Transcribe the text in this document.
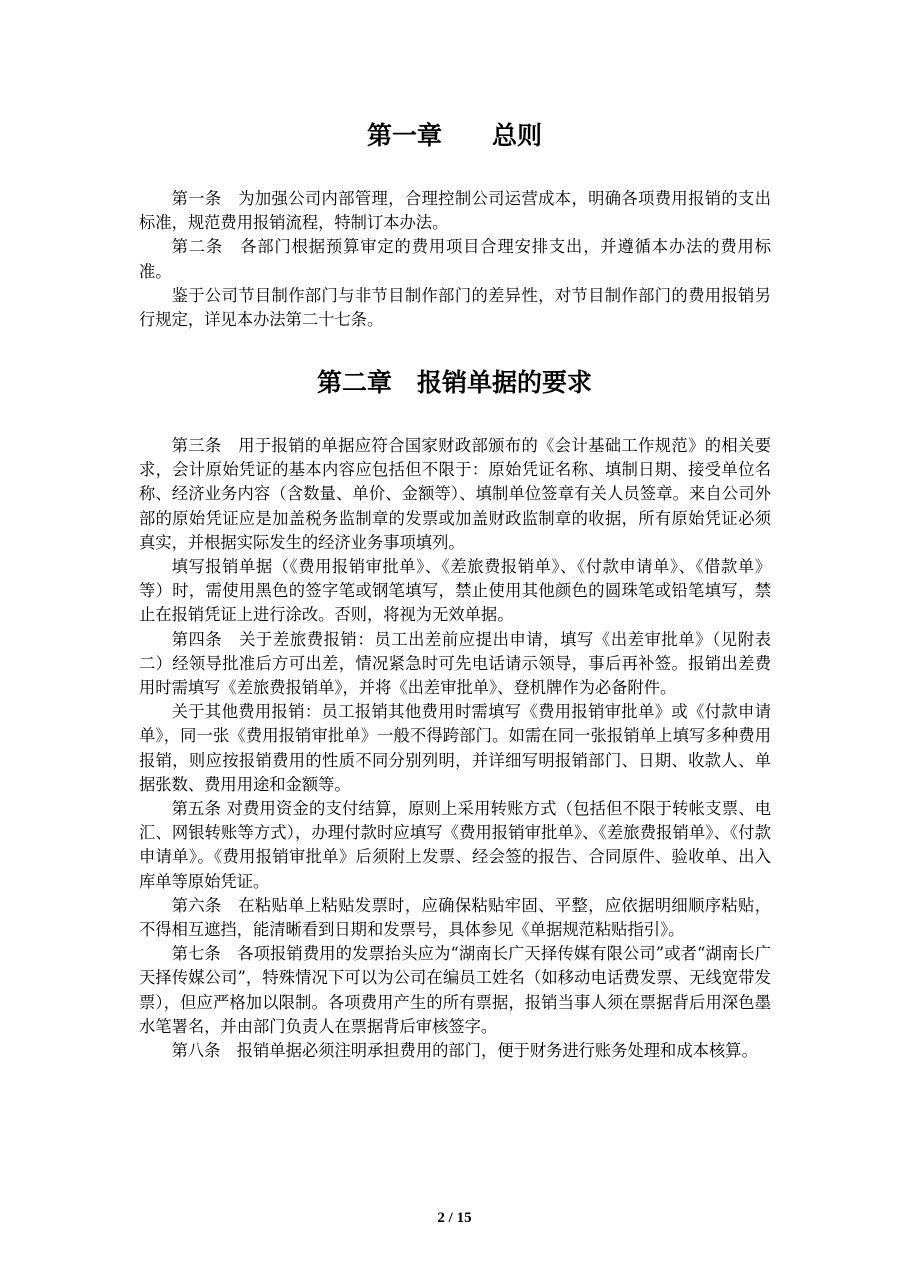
第一章　　总则

第一条　为加强公司内部管理，合理控制公司运营成本，明确各项费用报销的支出标准，规范费用报销流程，特制订本办法。

第二条　各部门根据预算审定的费用项目合理安排支出，并遵循本办法的费用标准。

鉴于公司节目制作部门与非节目制作部门的差异性，对节目制作部门的费用报销另行规定，详见本办法第二十七条。

第二章　报销单据的要求

第三条　用于报销的单据应符合国家财政部颁布的《会计基础工作规范》的相关要求，会计原始凭证的基本内容应包括但不限于：原始凭证名称、填制日期、接受单位名称、经济业务内容（含数量、单价、金额等）、填制单位签章有关人员签章。来自公司外部的原始凭证应是加盖税务监制章的发票或加盖财政监制章的收据，所有原始凭证必须真实，并根据实际发生的经济业务事项填列。

填写报销单据（《费用报销审批单》、《差旅费报销单》、《付款申请单》、《借款单》等）时，需使用黑色的签字笔或钢笔填写，禁止使用其他颜色的圆珠笔或铅笔填写，禁止在报销凭证上进行涂改。否则，将视为无效单据。

第四条　关于差旅费报销：员工出差前应提出申请，填写《出差审批单》（见附表二）经领导批准后方可出差，情况紧急时可先电话请示领导，事后再补签。报销出差费用时需填写《差旅费报销单》，并将《出差审批单》、登机牌作为必备附件。

关于其他费用报销：员工报销其他费用时需填写《费用报销审批单》或《付款申请单》，同一张《费用报销审批单》一般不得跨部门。如需在同一张报销单上填写多种费用报销，则应按报销费用的性质不同分别列明，并详细写明报销部门、日期、收款人、单据张数、费用用途和金额等。

第五条 对费用资金的支付结算，原则上采用转账方式（包括但不限于转帐支票、电汇、网银转账等方式），办理付款时应填写《费用报销审批单》、《差旅费报销单》、《付款申请单》。《费用报销审批单》后须附上发票、经会签的报告、合同原件、验收单、出入库单等原始凭证。

第六条　在粘贴单上粘贴发票时，应确保粘贴牢固、平整，应依据明细顺序粘贴，不得相互遮挡，能清晰看到日期和发票号，具体参见《单据规范粘贴指引》。

第七条　各项报销费用的发票抬头应为“湖南长广天择传媒有限公司”或者“湖南长广天择传媒公司”，特殊情况下可以为公司在编员工姓名（如移动电话费发票、无线宽带发票），但应严格加以限制。各项费用产生的所有票据，报销当事人须在票据背后用深色墨水笔署名，并由部门负责人在票据背后审核签字。

第八条　报销单据必须注明承担费用的部门，便于财务进行账务处理和成本核算。

2 / 15
